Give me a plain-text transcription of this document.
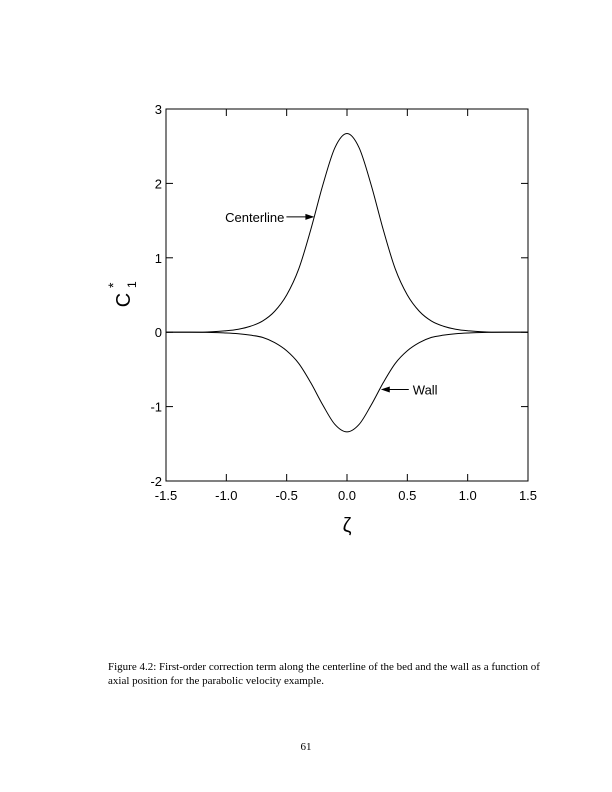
-1.5	-1.0	-0.5	0.0	0.5	1.0	1.5
-2
-1
0
1
2
3
Centerline
Wall
ζ
C
* 1
Figure 4.2: First-order correction term along the centerline of the bed and the wall as a function of axial position for the parabolic velocity example.
61
